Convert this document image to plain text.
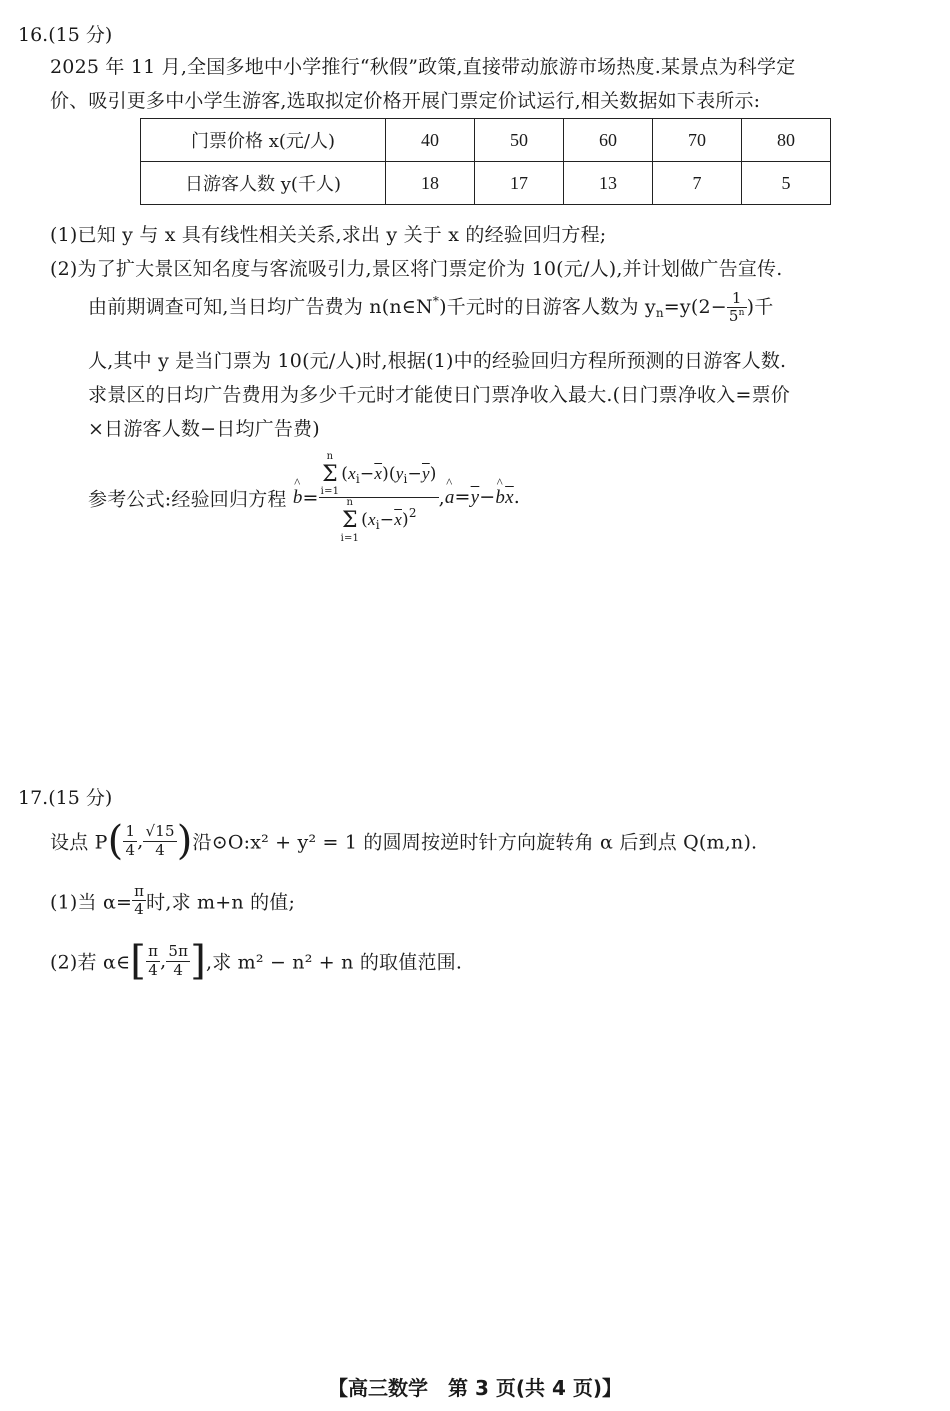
16.(15 分)
2025 年 11 月,全国多地中小学推行“秋假”政策,直接带动旅游市场热度.某景点为科学定
价、吸引更多中小学生游客,选取拟定价格开展门票定价试运行,相关数据如下表所示:
门票价格 x(元/人)	40	50	60	70	80
日游客人数 y(千人)	18	17	13	7	5
(1)已知 y 与 x 具有线性相关关系,求出 y 关于 x 的经验回归方程;
(2)为了扩大景区知名度与客流吸引力,景区将门票定价为 10(元/人),并计划做广告宣传.
由前期调查可知,当日均广告费为 n(n∈N*)千元时的日游客人数为 $y_n=y(2- \frac{1}{5^n}$ )千
人,其中 y 是当门票为 10(元/人)时,根据(1)中的经验回归方程所预测的日游客人数.
求景区的日均广告费用为多少千元时才能使日门票净收入最大.(日门票净收入=票价
×日游客人数−日均广告费)
参考公式:经验回归方程 ^ b= n
Σ
i=1
$(x_i-\overline{x})(y_i-\overline{y})$
n
Σ
i=1
$(x_i-\overline{x})^2$ ,^ $a=\overline{y}-\^{}$ $b\overline{x}$.
17.(15 分)
设点 $P( \frac{1}{4}$ , $\frac{√15}{4}$ )沿⊙O:x² + y² = 1 的圆周按逆时针方向旋转角 α 后到点 Q(m,n).
(1)当 $\alpha= \frac{\pi}{4}$ 时,求 m+n 的值;
(2)若 α∈[ $\frac{\pi}{4}$ , $\frac{5\pi}{4}$ ],求 m² − n² + n 的取值范围.
【高三数学　第 3 页(共 4 页)】
